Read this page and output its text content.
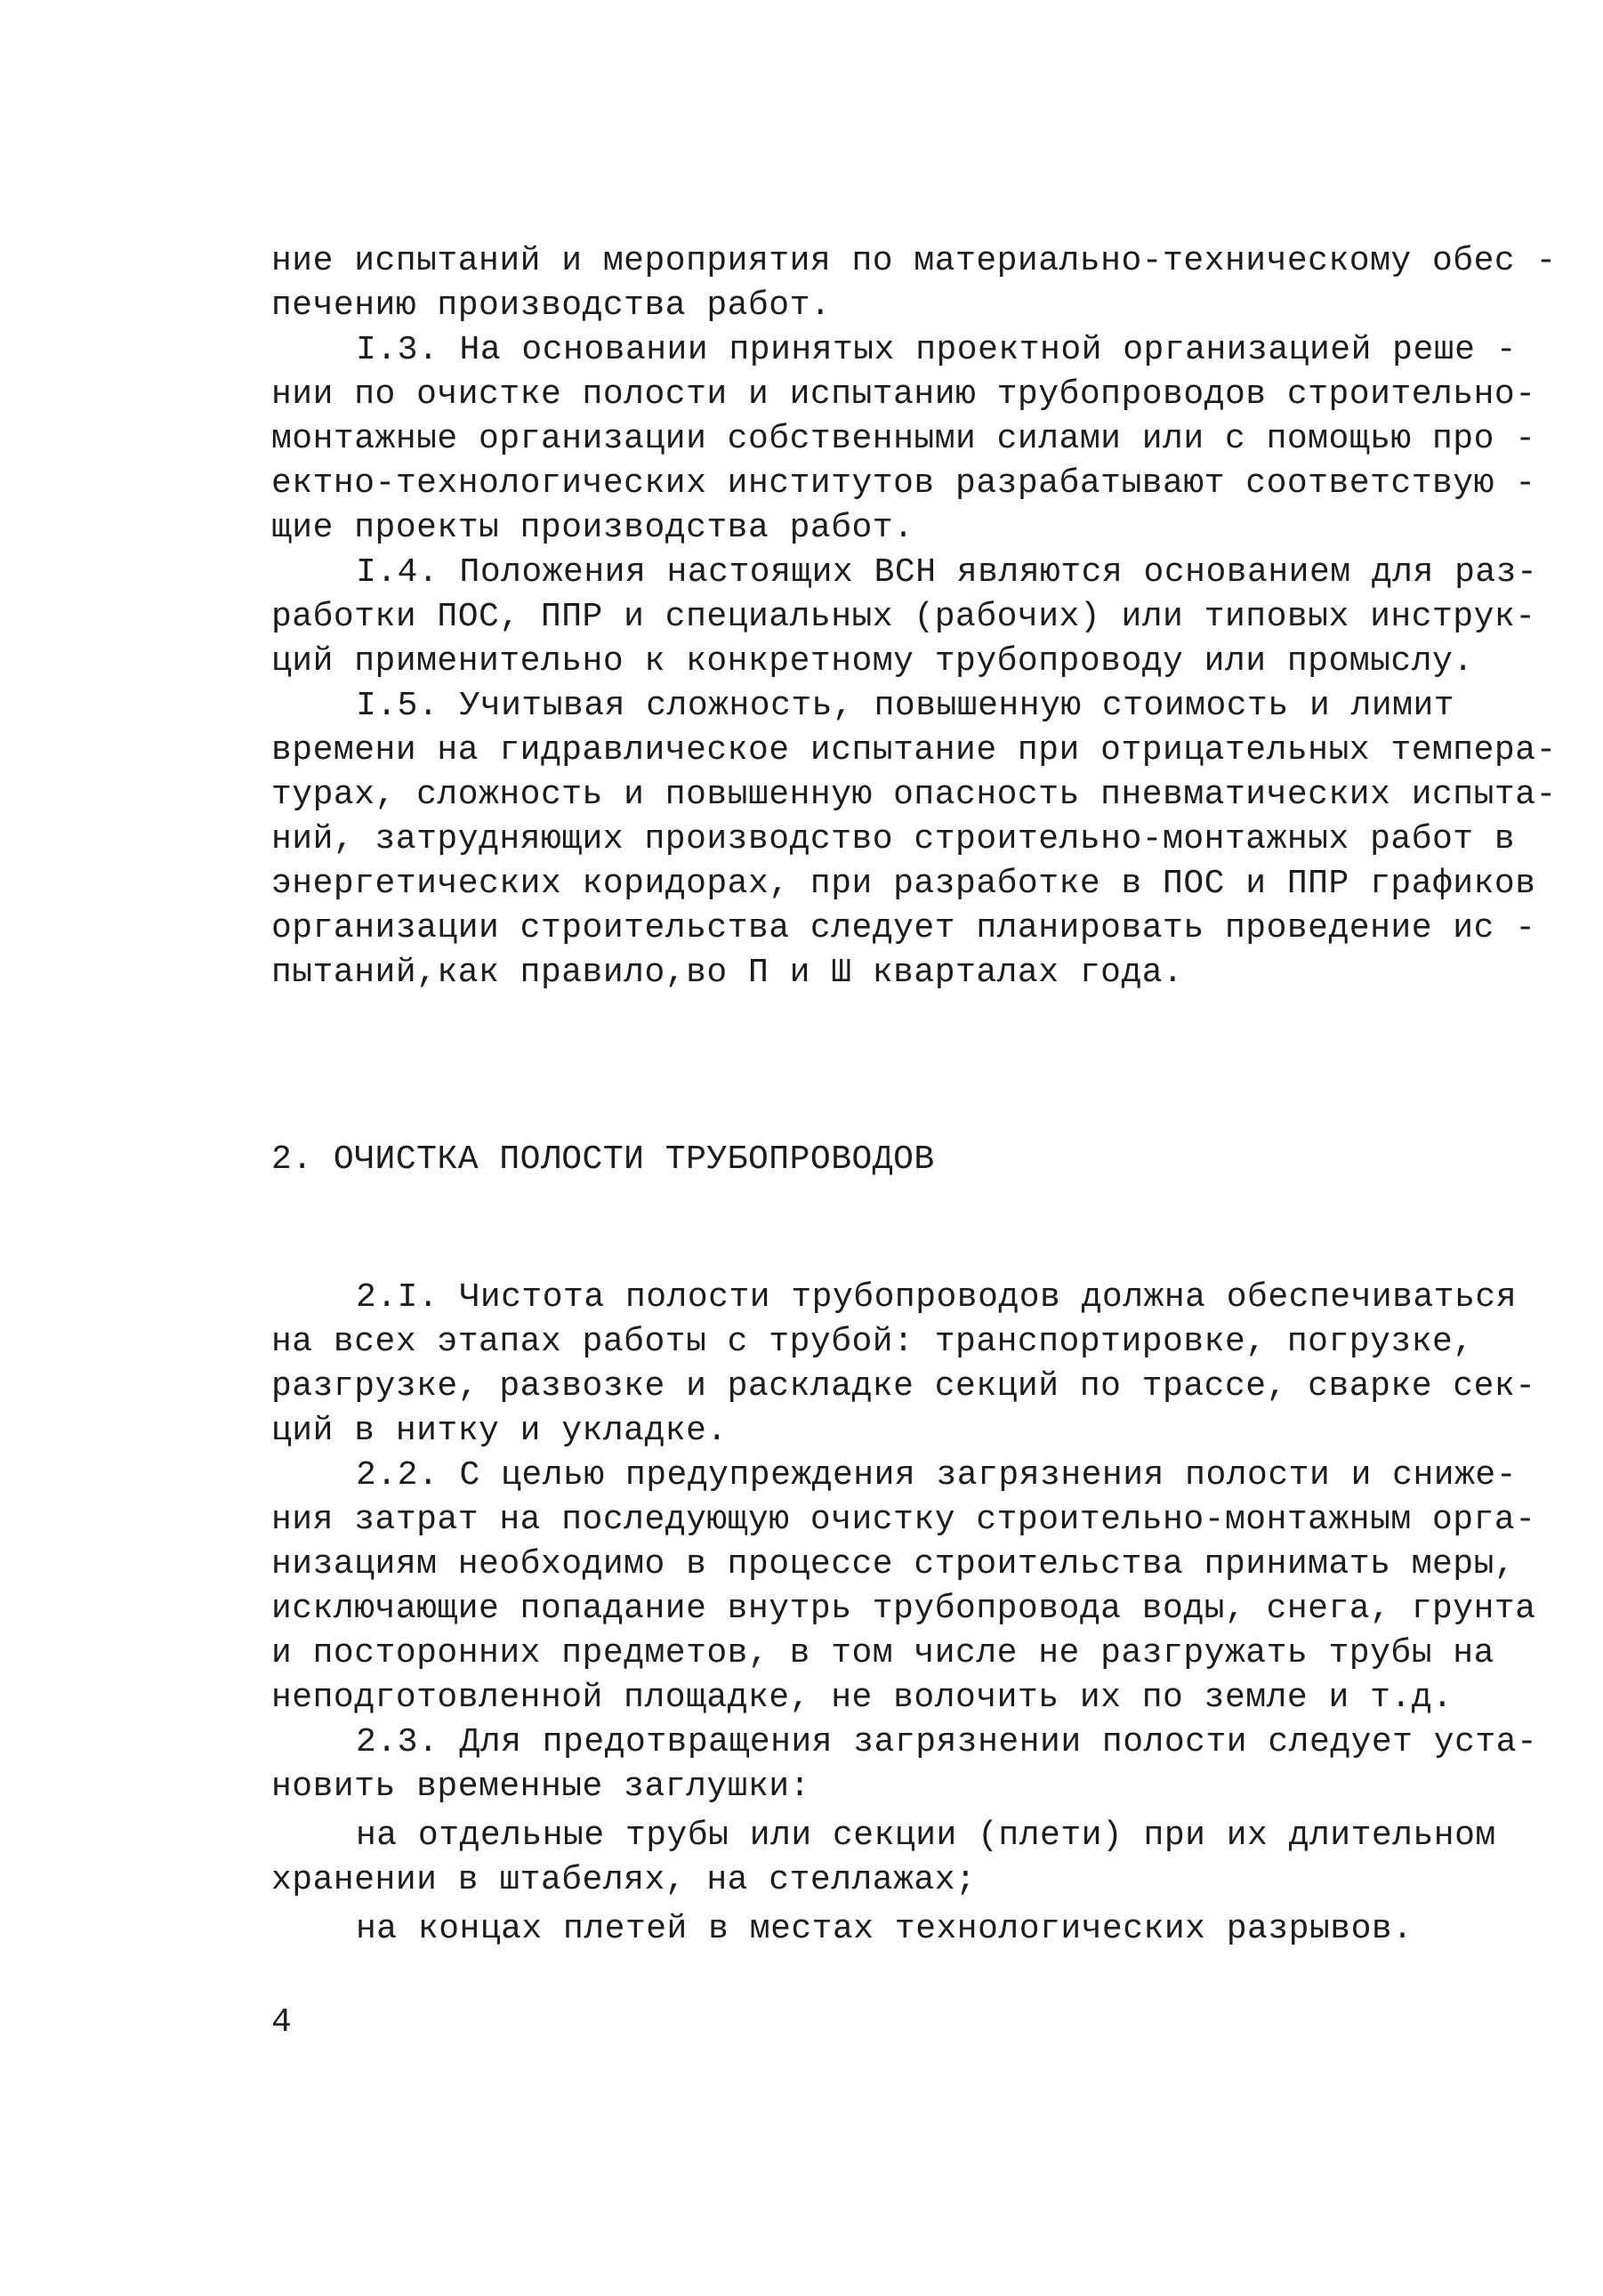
ние испытаний и мероприятия по материально-техническому обес -
печению производства работ.
I.3. На основании принятых проектной организацией реше -
нии по очистке полости и испытанию трубопроводов строительно-
монтажные организации собственными силами или с помощью про -
ектно-технологических институтов разрабатывают соответствую -
щие проекты производства работ.
I.4. Положения настоящих ВСН являются основанием для раз-
работки ПОС, ППР и специальных (рабочих) или типовых инструк-
ций применительно к конкретному трубопроводу или промыслу.
I.5. Учитывая сложность, повышенную стоимость и лимит
времени на гидравлическое испытание при отрицательных темпера-
турах, сложность и повышенную опасность пневматических испыта-
ний, затрудняющих производство строительно-монтажных работ в
энергетических коридорах, при разработке в ПОС и ППР графиков
организации строительства следует планировать проведение ис -
пытаний,как правило,во П и Ш кварталах года.
2. ОЧИСТКА ПОЛОСТИ ТРУБОПРОВОДОВ
2.I. Чистота полости трубопроводов должна обеспечиваться
на всех этапах работы с трубой: транспортировке, погрузке,
разгрузке, развозке и раскладке секций по трассе, сварке сек-
ций в нитку и укладке.
2.2. С целью предупреждения загрязнения полости и сниже-
ния затрат на последующую очистку строительно-монтажным орга-
низациям необходимо в процессе строительства принимать меры,
исключающие попадание внутрь трубопровода воды, снега, грунта
и посторонних предметов, в том числе не разгружать трубы на
неподготовленной площадке, не волочить их по земле и т.д.
2.3. Для предотвращения загрязнении полости следует уста-
новить временные заглушки:
на отдельные трубы или секции (плети) при их длительном
хранении в штабелях, на стеллажах;
на концах плетей в местах технологических разрывов.
4
